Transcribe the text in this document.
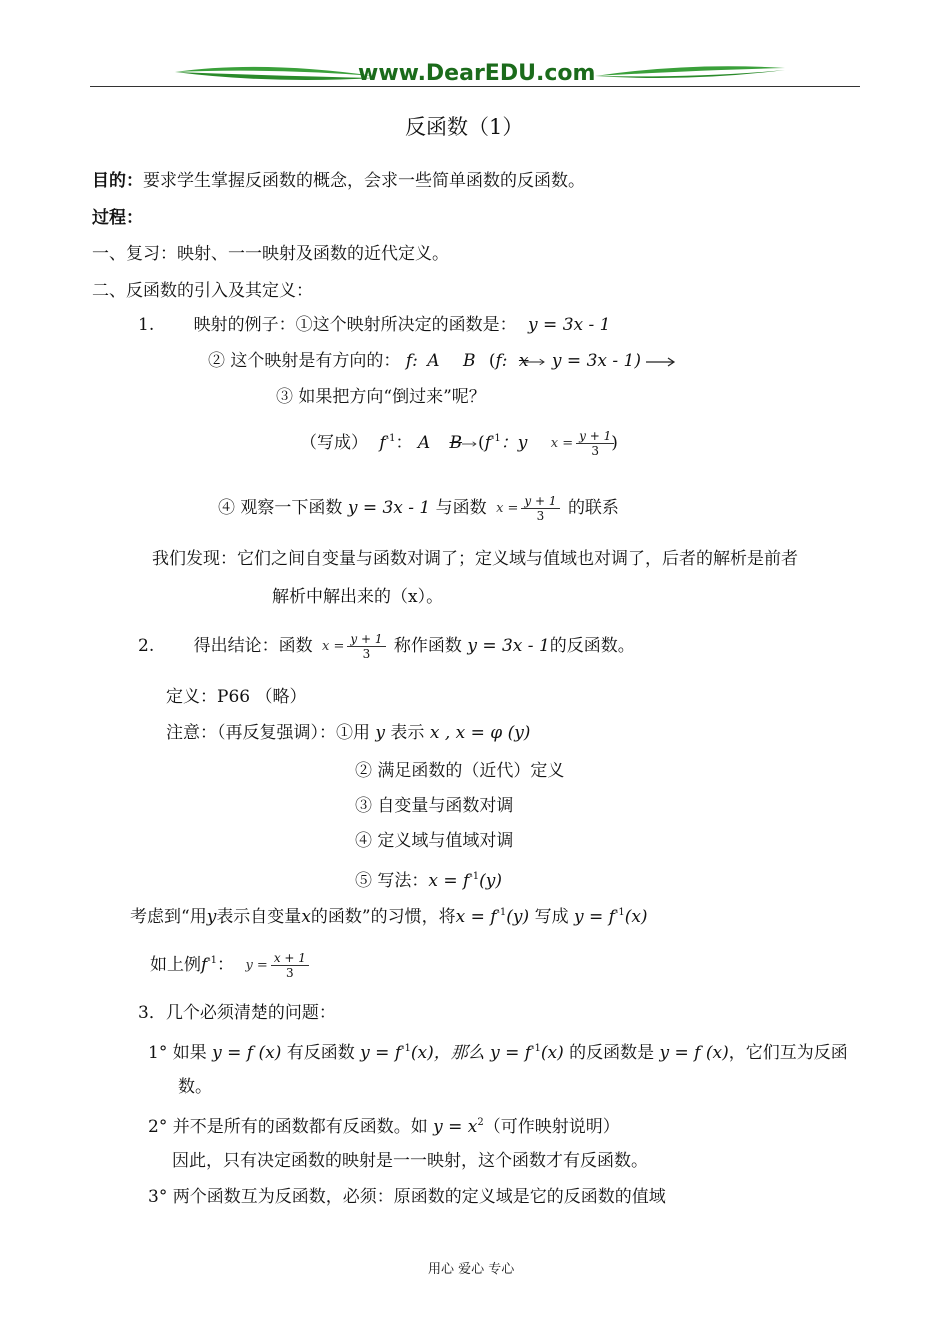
www.DearEDU.com
反函数（1）
目的：要求学生掌握反函数的概念，会求一些简单函数的反函数。
过程：
一、复习：映射、一一映射及函数的近代定义。
二、反函数的引入及其定义：
1. 映射的例子：①这个映射所决定的函数是： y = 3x - 1
② 这个映射是有方向的： f: A B (f: x y = 3x - 1)
③ 如果把方向“倒过来”呢？
（写成） $f^{-1}$： A B ($f^{-1}$：y $x = \frac{y + 1}{3}$
)
④ 观察一下函数 y = 3x - 1 与函数 $x = \frac{y + 1}{3}$ 的联系
我们发现：它们之间自变量与函数对调了；定义域与值域也对调了，后者的解析是前者
解析中解出来的（x）。
2. 得出结论：函数 $x = \frac{y + 1}{3}$ 称作函数 y = 3x - 1的反函数。
定义：P66 （略）
注意：（再反复强调）：①用 y 表示 x , x = φ (y)
② 满足函数的（近代）定义
③ 自变量与函数对调
④ 定义域与值域对调
⑤ 写法：$x = f^{-1}(y)$
考虑到“用y表示自变量x的函数”的习惯，将$x = f^{-1}(y)$ 写成 $y = f^{-1}(x)$
如上例$f^{-1}$： $y = \frac{x + 1}{3}$
3．几个必须清楚的问题：
1° 如果 y = f (x) 有反函数 $y = f^{-1}(x)$，那么 $y = f^{-1}(x)$ 的反函数是 y = f (x)，它们互为反函
数。
2° 并不是所有的函数都有反函数。如 $y = x^2$（可作映射说明）
因此，只有决定函数的映射是一一映射，这个函数才有反函数。
3° 两个函数互为反函数，必须：原函数的定义域是它的反函数的值域
用心 爱心 专心
